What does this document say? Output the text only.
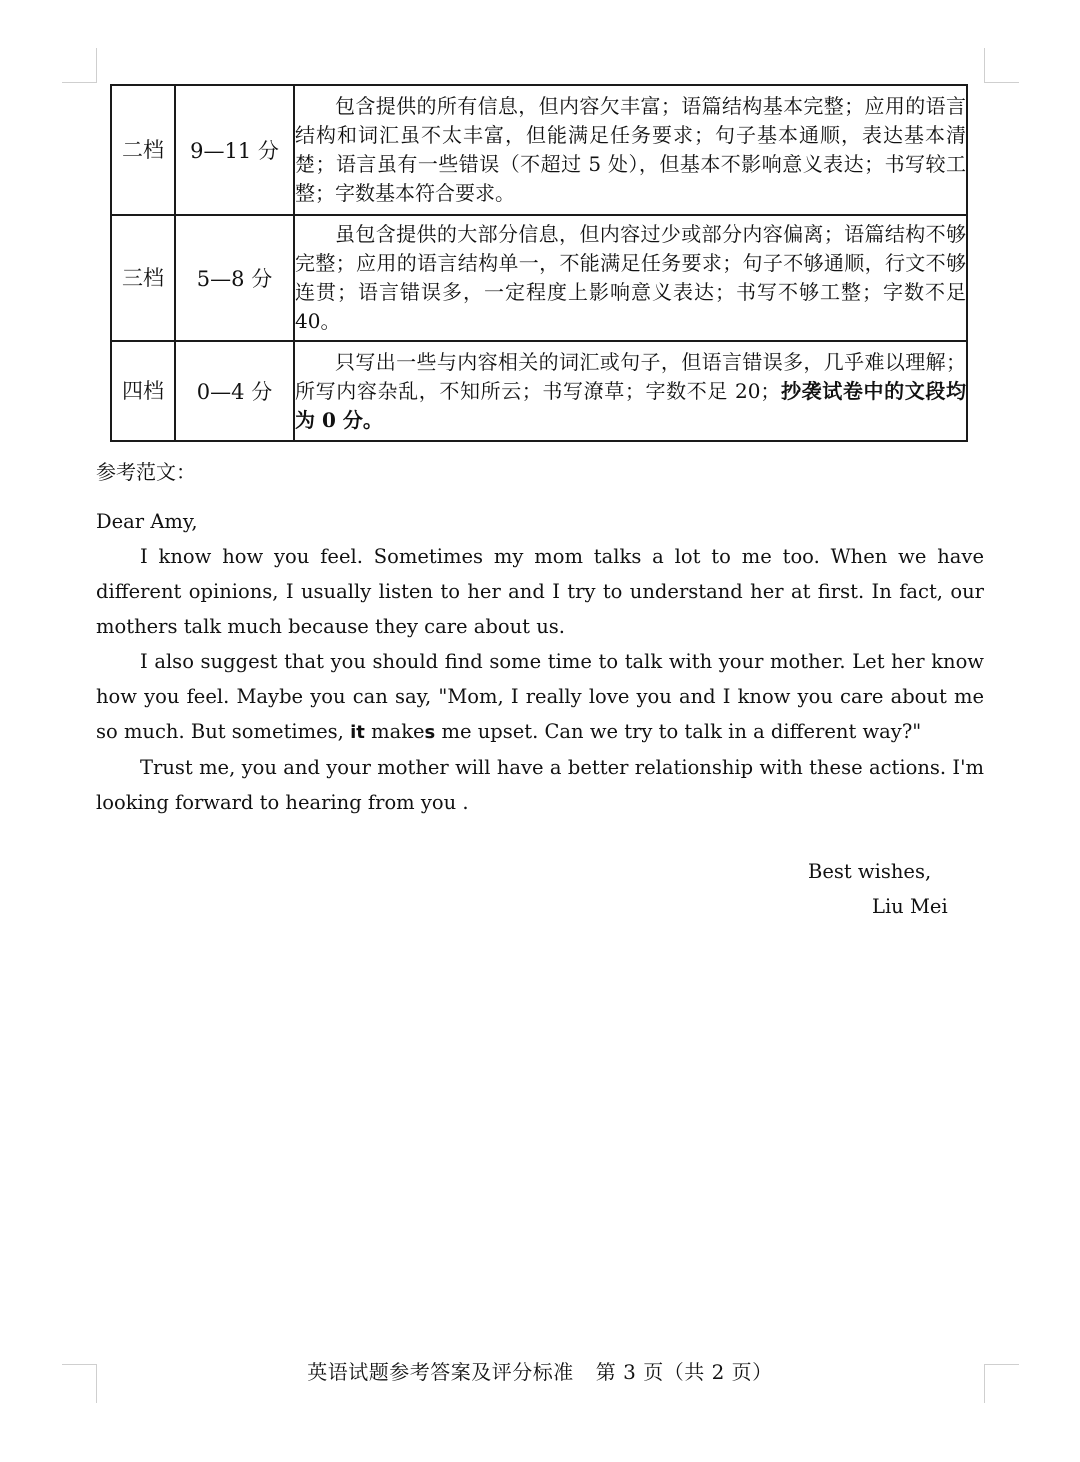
二档	9—11 分	包含提供的所有信息，但内容欠丰富；语篇结构基本完整；应用的语言结构和词汇虽不太丰富，但能满足任务要求；句子基本通顺，表达基本清楚；语言虽有一些错误（不超过 5 处），但基本不影响意义表达；书写较工整；字数基本符合要求。
三档	5—8 分	虽包含提供的大部分信息，但内容过少或部分内容偏离；语篇结构不够完整；应用的语言结构单一，不能满足任务要求；句子不够通顺，行文不够连贯；语言错误多，一定程度上影响意义表达；书写不够工整；字数不足 40。
四档	0—4 分	只写出一些与内容相关的词汇或句子，但语言错误多，几乎难以理解；所写内容杂乱，不知所云；书写潦草；字数不足 20；抄袭试卷中的文段均为 0 分。
参考范文：

Dear Amy,

I know how you feel. Sometimes my mom talks a lot to me too. When we have different opinions, I usually listen to her and I try to understand her at first. In fact, our mothers talk much because they care about us.

I also suggest that you should find some time to talk with your mother. Let her know how you feel. Maybe you can say, "Mom, I really love you and I know you care about me so much. But sometimes, it makes me upset. Can we try to talk in a different way?"

Trust me, you and your mother will have a better relationship with these actions. I'm looking forward to hearing from you .

Best wishes,
Liu Mei
英语试题参考答案及评分标准 第 3 页（共 2 页）
